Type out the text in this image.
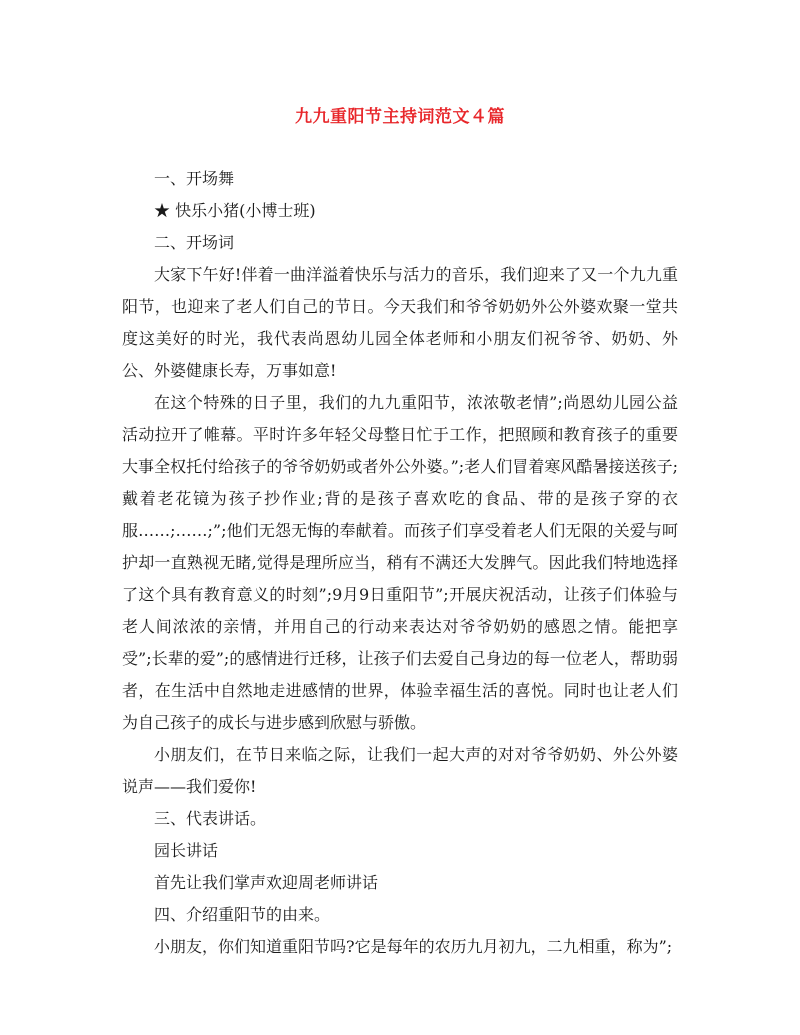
九九重阳节主持词范文４篇

一、开场舞

★ 快乐小猪(小博士班)

二、开场词

大家下午好!伴着一曲洋溢着快乐与活力的音乐，我们迎来了又一个九九重阳节，也迎来了老人们自己的节日。今天我们和爷爷奶奶外公外婆欢聚一堂共度这美好的时光，我代表尚恩幼儿园全体老师和小朋友们祝爷爷、奶奶、外公、外婆健康长寿，万事如意!

在这个特殊的日子里，我们的九九重阳节，浓浓敬老情”;尚恩幼儿园公益活动拉开了帷幕。平时许多年轻父母整日忙于工作，把照顾和教育孩子的重要大事全权托付给孩子的爷爷奶奶或者外公外婆。”;老人们冒着寒风酷暑接送孩子;戴着老花镜为孩子抄作业;背的是孩子喜欢吃的食品、带的是孩子穿的衣服……;……;”;他们无怨无悔的奉献着。而孩子们享受着老人们无限的关爱与呵护却一直熟视无睹,觉得是理所应当，稍有不满还大发脾气。因此我们特地选择了这个具有教育意义的时刻”;9月9日重阳节”;开展庆祝活动，让孩子们体验与老人间浓浓的亲情，并用自己的行动来表达对爷爷奶奶的感恩之情。能把享受”;长辈的爱”;的感情进行迁移，让孩子们去爱自己身边的每一位老人，帮助弱者，在生活中自然地走进感情的世界，体验幸福生活的喜悦。同时也让老人们为自己孩子的成长与进步感到欣慰与骄傲。

小朋友们，在节日来临之际，让我们一起大声的对对爷爷奶奶、外公外婆说声——我们爱你!

三、代表讲话。

园长讲话

首先让我们掌声欢迎周老师讲话

四、介绍重阳节的由来。

小朋友，你们知道重阳节吗?它是每年的农历九月初九，二九相重，称为”;
